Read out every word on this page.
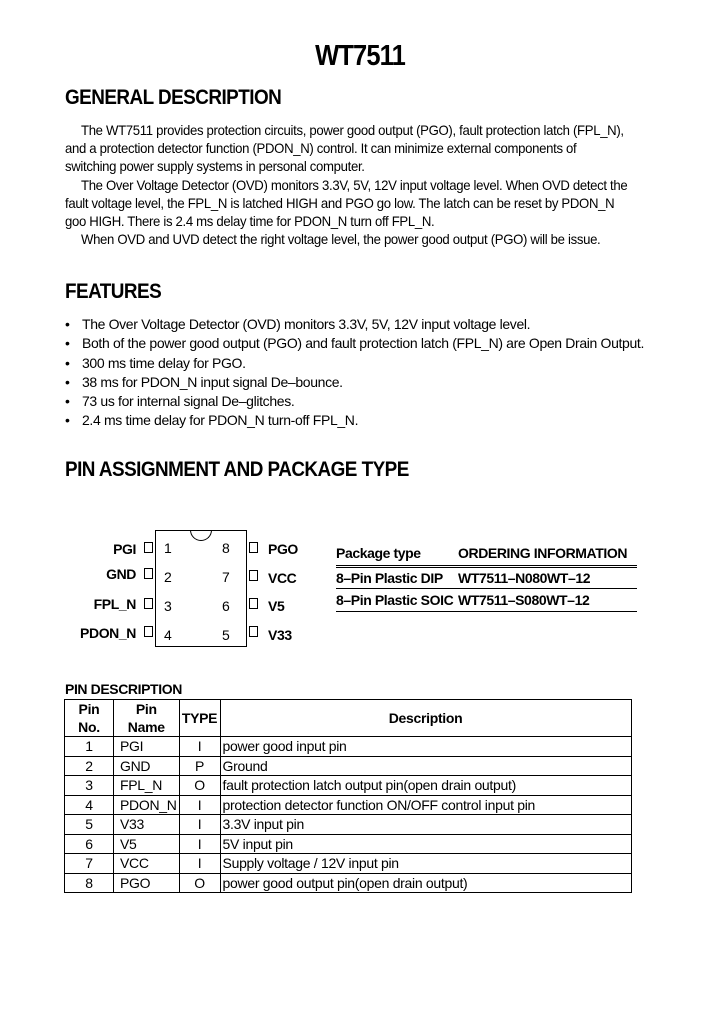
WT7511
GENERAL DESCRIPTION

The WT7511 provides protection circuits, power good output (PGO), fault protection latch (FPL_N), and a protection detector function (PDON_N) control. It can minimize external components of switching power supply systems in personal computer.

The Over Voltage Detector (OVD) monitors 3.3V, 5V, 12V input voltage level. When OVD detect the fault voltage level, the FPL_N is latched HIGH and PGO go low. The latch can be reset by PDON_N goo HIGH. There is 2.4 ms delay time for PDON_N turn off FPL_N.

When OVD and UVD detect the right voltage level, the power good output (PGO) will be issue.

FEATURES
• The Over Voltage Detector (OVD) monitors 3.3V, 5V, 12V input voltage level.
• Both of the power good output (PGO) and fault protection latch (FPL_N) are Open Drain Output.
• 300 ms time delay for PGO.
• 38 ms for PDON_N input signal De–bounce.
• 73 us for internal signal De–glitches.
• 2.4 ms time delay for PDON_N turn-off FPL_N.
PIN ASSIGNMENT AND PACKAGE TYPE
PGI 1
GND 2
FPL_N 3
PDON_N 4
8	PGO
7	VCC
6	V5
5	V33
Package type	ORDERING INFORMATION
8–Pin Plastic DIP WT7511–N080WT–12
8–Pin Plastic SOIC WT7511–S080WT–12
PIN DESCRIPTION
Pin No.	Pin Name	TYPE	Description
1	PGI	I	power good input pin
2	GND	P	Ground
3	FPL_N	O	fault protection latch output pin(open drain output)
4	PDON_N	I	protection detector function ON/OFF control input pin
5	V33	I	3.3V input pin
6	V5	I	5V input pin
7	VCC	I	Supply voltage / 12V input pin
8	PGO	O	power good output pin(open drain output)
